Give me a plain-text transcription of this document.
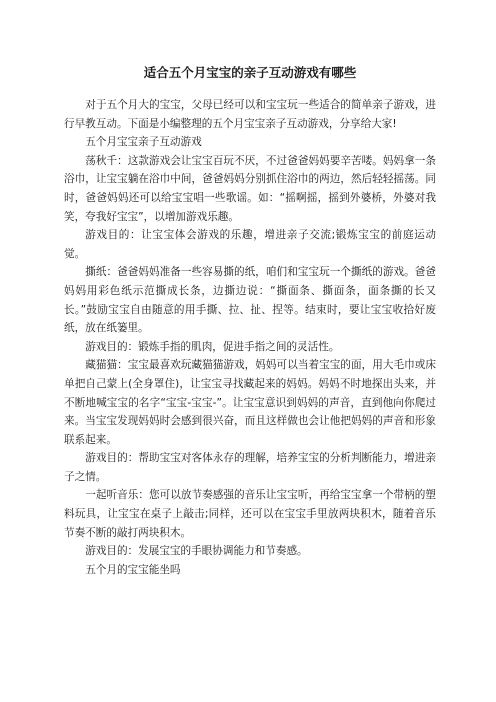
适合五个月宝宝的亲子互动游戏有哪些

对于五个月大的宝宝，父母已经可以和宝宝玩一些适合的简单亲子游戏，进行早教互动。下面是小编整理的五个月宝宝亲子互动游戏，分享给大家!

五个月宝宝亲子互动游戏

荡秋千：这款游戏会让宝宝百玩不厌，不过爸爸妈妈要辛苦喽。妈妈拿一条浴巾，让宝宝躺在浴巾中间，爸爸妈妈分别抓住浴巾的两边，然后轻轻摇荡。同时，爸爸妈妈还可以给宝宝唱一些歌谣。如：“摇啊摇，摇到外婆桥，外婆对我笑，夸我好宝宝”，以增加游戏乐趣。

游戏目的：让宝宝体会游戏的乐趣，增进亲子交流;锻炼宝宝的前庭运动觉。

撕纸：爸爸妈妈准备一些容易撕的纸，咱们和宝宝玩一个撕纸的游戏。爸爸妈妈用彩色纸示范撕成长条，边撕边说：“撕面条、撕面条，面条撕的长又长。”鼓励宝宝自由随意的用手撕、拉、扯、捏等。结束时，要让宝宝收拾好废纸，放在纸篓里。

游戏目的：锻炼手指的肌肉，促进手指之间的灵活性。

藏猫猫：宝宝最喜欢玩藏猫猫游戏，妈妈可以当着宝宝的面，用大毛巾或床单把自己蒙上(全身罩住)，让宝宝寻找藏起来的妈妈。妈妈不时地探出头来，并不断地喊宝宝的名字“宝宝-宝宝-”。让宝宝意识到妈妈的声音，直到他向你爬过来。当宝宝发现妈妈时会感到很兴奋，而且这样做也会让他把妈妈的声音和形象联系起来。

游戏目的：帮助宝宝对客体永存的理解，培养宝宝的分析判断能力，增进亲子之情。

一起听音乐：您可以放节奏感强的音乐让宝宝听，再给宝宝拿一个带柄的塑料玩具，让宝宝在桌子上敲击;同样，还可以在宝宝手里放两块积木，随着音乐节奏不断的敲打两块积木。

游戏目的：发展宝宝的手眼协调能力和节奏感。

五个月的宝宝能坐吗
